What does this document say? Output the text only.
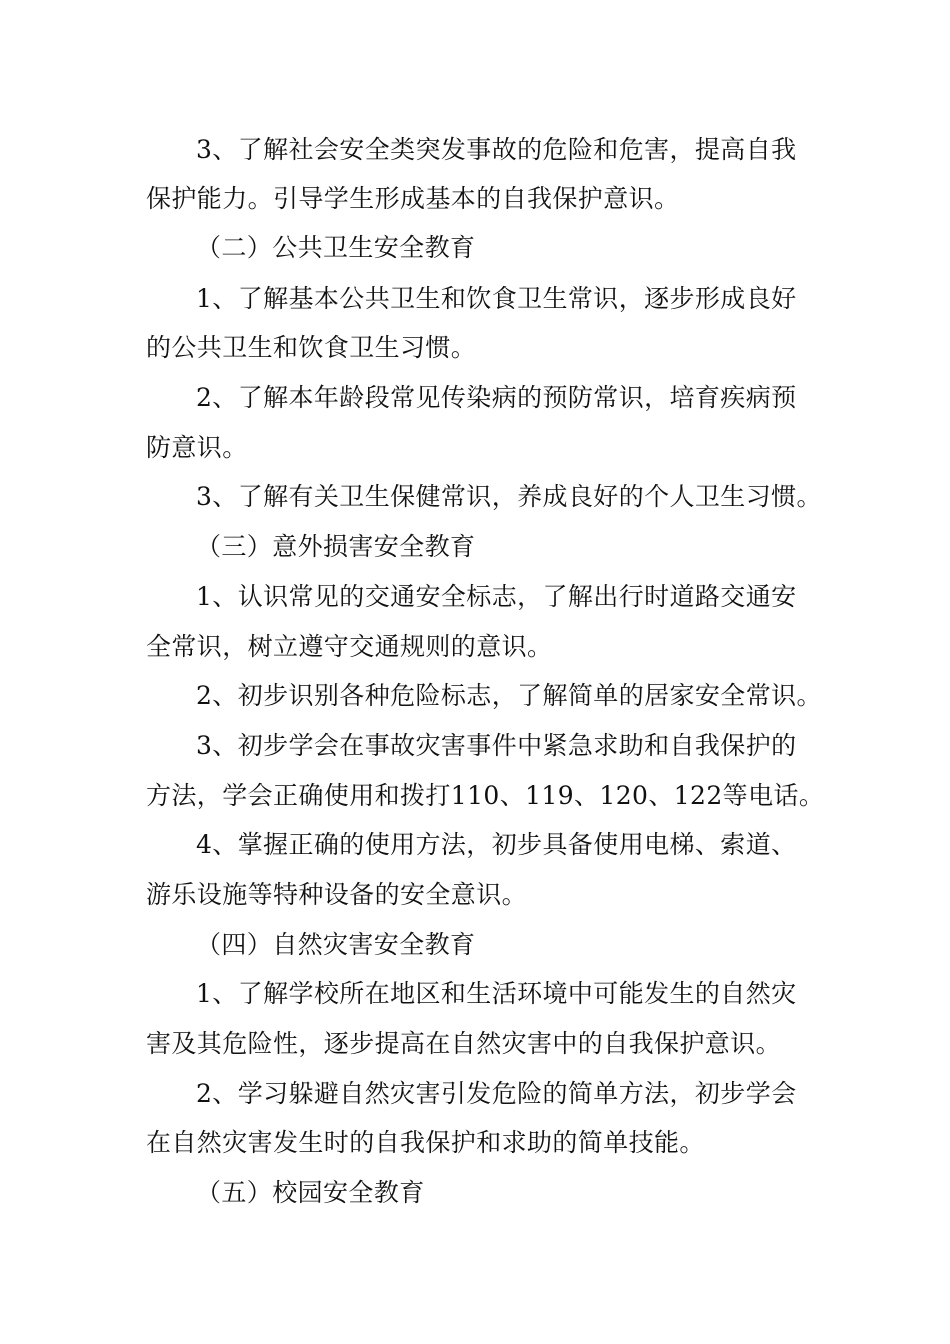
3、了解社会安全类突发事故的危险和危害，提高自我
保护能力。引导学生形成基本的自我保护意识。
（二）公共卫生安全教育
1、了解基本公共卫生和饮食卫生常识，逐步形成良好
的公共卫生和饮食卫生习惯。
2、了解本年龄段常见传染病的预防常识，培育疾病预
防意识。
3、了解有关卫生保健常识，养成良好的个人卫生习惯。
（三）意外损害安全教育
1、认识常见的交通安全标志，了解出行时道路交通安
全常识，树立遵守交通规则的意识。
2、初步识别各种危险标志，了解简单的居家安全常识。
3、初步学会在事故灾害事件中紧急求助和自我保护的
方法，学会正确使用和拨打110、119、120、122等电话。
4、掌握正确的使用方法，初步具备使用电梯、索道、
游乐设施等特种设备的安全意识。
（四）自然灾害安全教育
1、了解学校所在地区和生活环境中可能发生的自然灾
害及其危险性，逐步提高在自然灾害中的自我保护意识。
2、学习躲避自然灾害引发危险的简单方法，初步学会
在自然灾害发生时的自我保护和求助的简单技能。
（五）校园安全教育
